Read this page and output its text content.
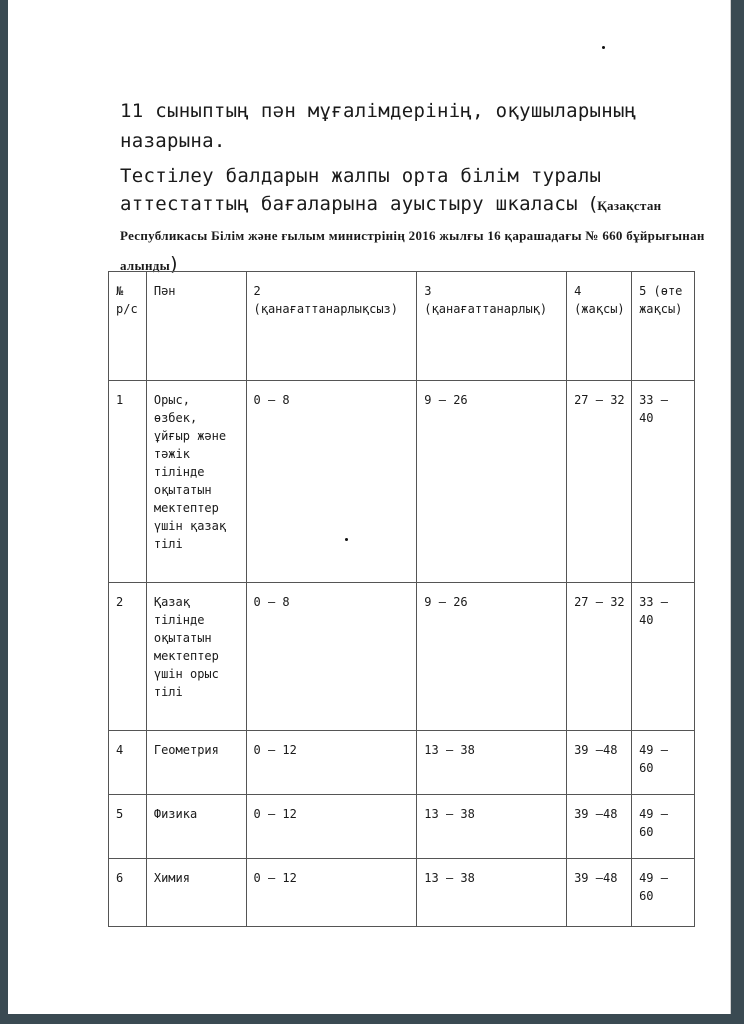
11 сыныптың пән мұғалімдерінің, оқушыларының назарына.
Тестілеу балдарын жалпы орта білім туралы аттестаттың бағаларына ауыстыру шкаласы (Қазақстан Республикасы Білім және ғылым министрінің 2016 жылғы 16 қарашадағы № 660 бұйрығынан алынды)
№ р/с	Пән	2 (қанағаттанарлықсыз)	3 (қанағаттанарлық)	4 (жақсы)	5 (өте жақсы)
1	Орыс, өзбек, ұйғыр және тәжік тілінде оқытатын мектептер үшін қазақ тілі	0 – 8	9 – 26	27 – 32	33 – 40
2	Қазақ тілінде оқытатын мектептер үшін орыс тілі	0 – 8	9 – 26	27 – 32	33 – 40
4	Геометрия	0 – 12	13 – 38	39 –48	49 – 60
5	Физика	0 – 12	13 – 38	39 –48	49 – 60
6	Химия	0 – 12	13 – 38	39 –48	49 – 60
